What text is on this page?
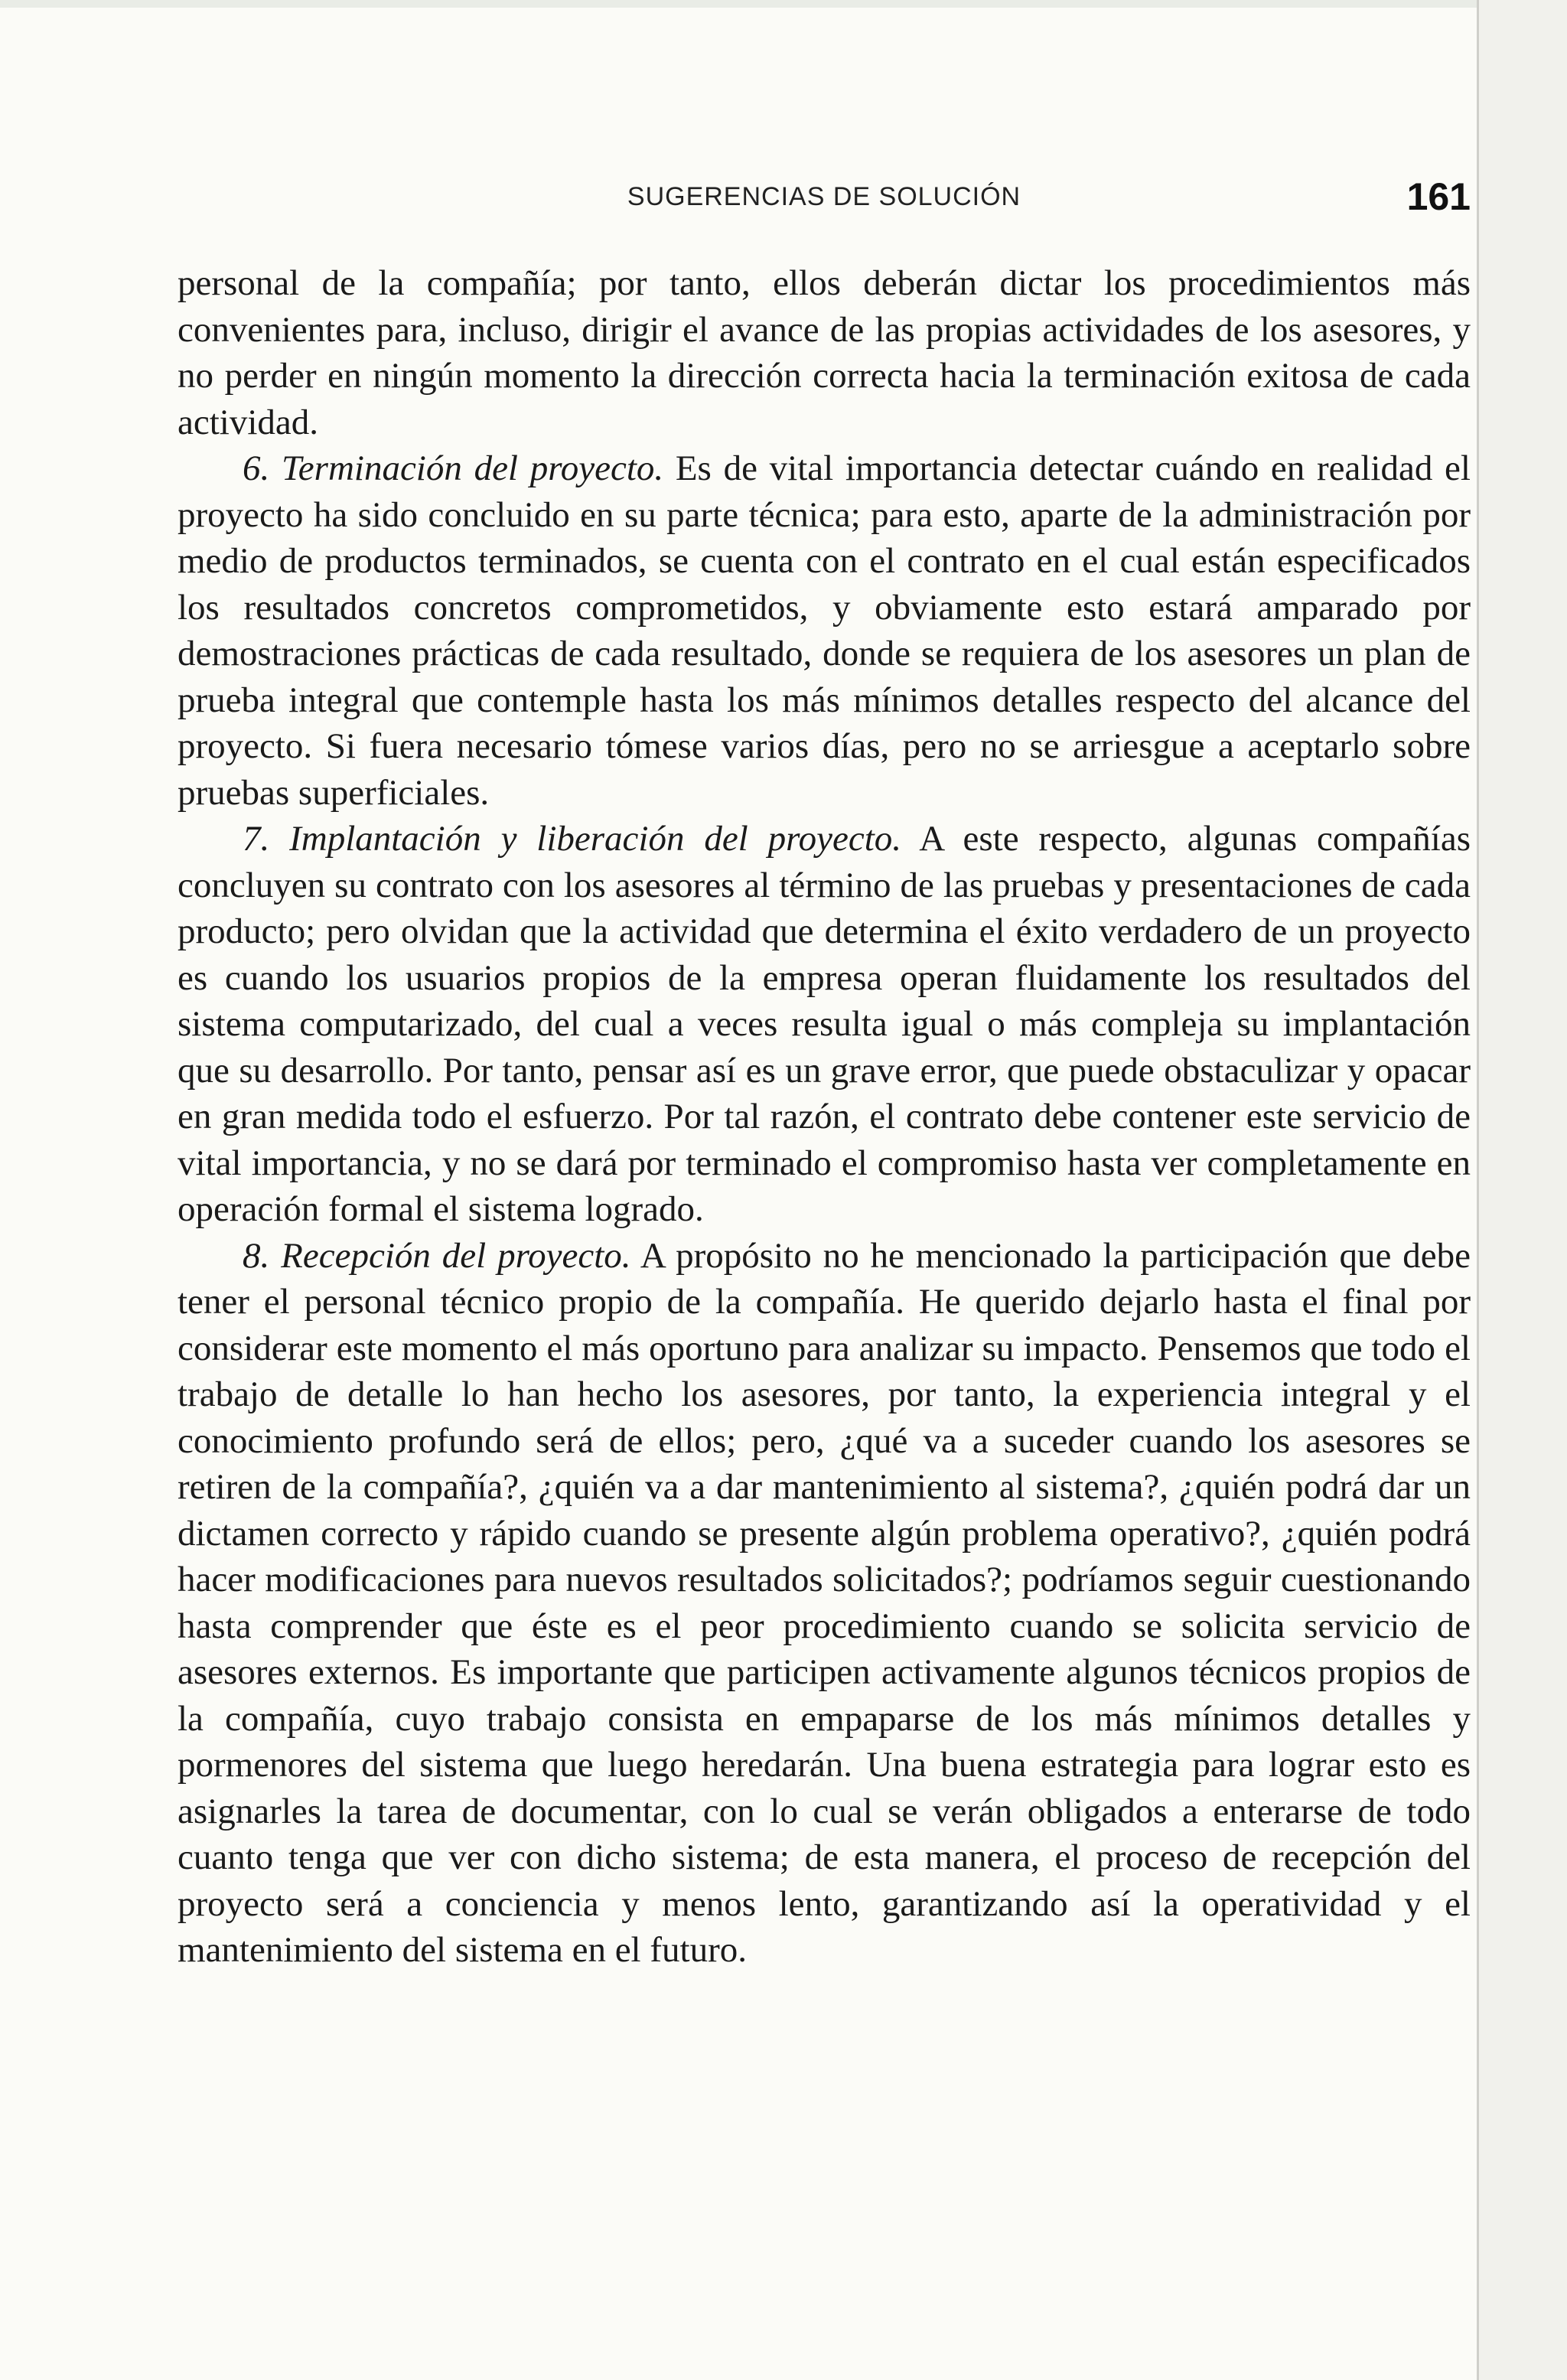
SUGERENCIAS DE SOLUCIÓN	161

personal de la compañía; por tanto, ellos deberán dictar los procedimientos más convenientes para, incluso, dirigir el avance de las propias actividades de los asesores, y no perder en ningún momento la dirección correcta hacia la terminación exitosa de cada actividad.

6. Terminación del proyecto. Es de vital importancia detectar cuándo en realidad el proyecto ha sido concluido en su parte técnica; para esto, aparte de la administración por medio de productos terminados, se cuenta con el contrato en el cual están especificados los resultados concretos comprometidos, y obviamente esto estará amparado por demostraciones prácticas de cada resultado, donde se requiera de los asesores un plan de prueba integral que contemple hasta los más mínimos detalles respecto del alcance del proyecto. Si fuera necesario tómese varios días, pero no se arriesgue a aceptarlo sobre pruebas superficiales.

7. Implantación y liberación del proyecto. A este respecto, algunas compañías concluyen su contrato con los asesores al término de las pruebas y presentaciones de cada producto; pero olvidan que la actividad que determina el éxito verdadero de un proyecto es cuando los usuarios propios de la empresa operan fluidamente los resultados del sistema computarizado, del cual a veces resulta igual o más compleja su implantación que su desarrollo. Por tanto, pensar así es un grave error, que puede obstaculizar y opacar en gran medida todo el esfuerzo. Por tal razón, el contrato debe contener este servicio de vital importancia, y no se dará por terminado el compromiso hasta ver completamente en operación formal el sistema logrado.

8. Recepción del proyecto. A propósito no he mencionado la participación que debe tener el personal técnico propio de la compañía. He querido dejarlo hasta el final por considerar este momento el más oportuno para analizar su impacto. Pensemos que todo el trabajo de detalle lo han hecho los asesores, por tanto, la experiencia integral y el conocimiento profundo será de ellos; pero, ¿qué va a suceder cuando los asesores se retiren de la compañía?, ¿quién va a dar mantenimiento al sistema?, ¿quién podrá dar un dictamen correcto y rápido cuando se presente algún problema operativo?, ¿quién podrá hacer modificaciones para nuevos resultados solicitados?; podríamos seguir cuestionando hasta comprender que éste es el peor procedimiento cuando se solicita servicio de asesores externos. Es importante que participen activamente algunos técnicos propios de la compañía, cuyo trabajo consista en empaparse de los más mínimos detalles y pormenores del sistema que luego heredarán. Una buena estrategia para lograr esto es asignarles la tarea de documentar, con lo cual se verán obligados a enterarse de todo cuanto tenga que ver con dicho sistema; de esta manera, el proceso de recepción del proyecto será a conciencia y menos lento, garantizando así la operatividad y el mantenimiento del sistema en el futuro.
